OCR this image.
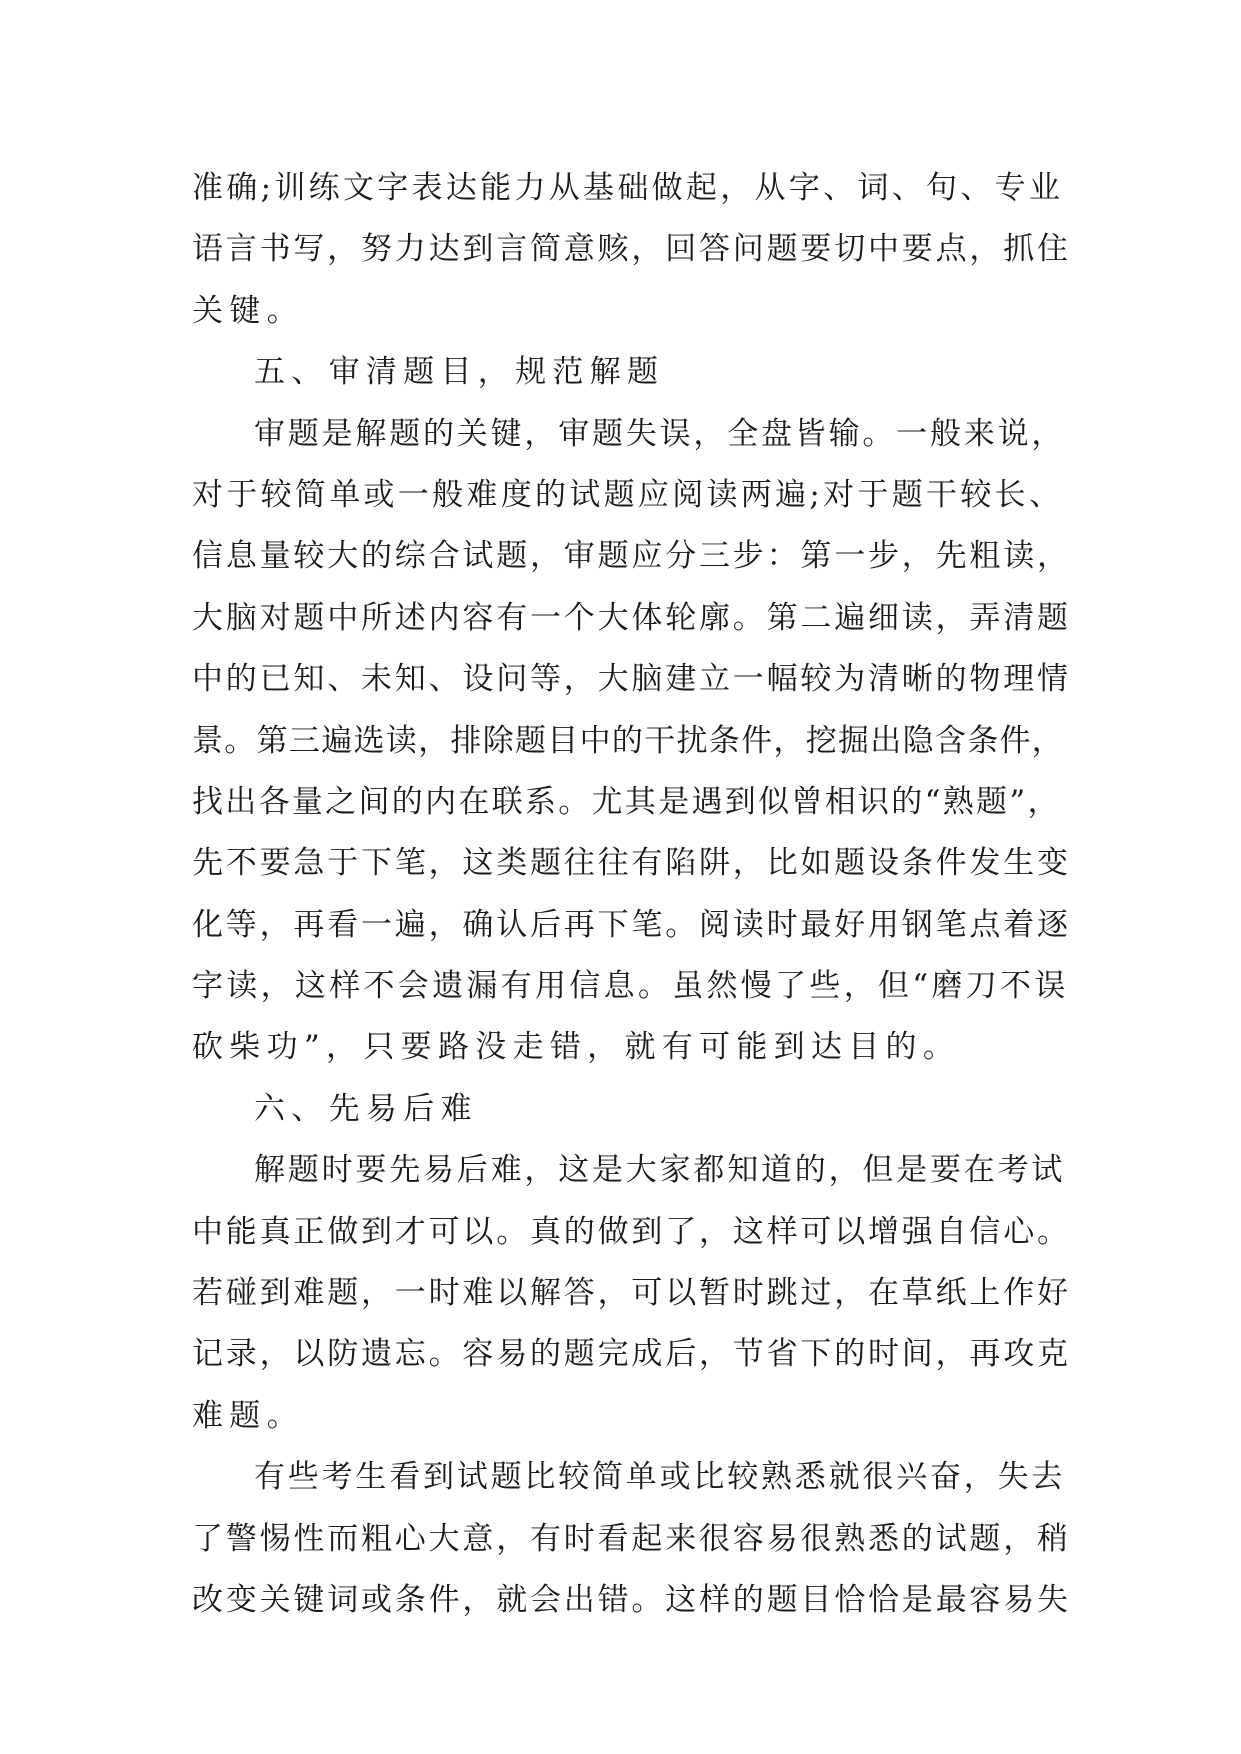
准确;训练文字表达能力从基础做起，从字、词、句、专业
语言书写，努力达到言简意赅，回答问题要切中要点，抓住
关键。
五、审清题目，规范解题
审题是解题的关键，审题失误，全盘皆输。一般来说，
对于较简单或一般难度的试题应阅读两遍;对于题干较长、
信息量较大的综合试题，审题应分三步：第一步，先粗读，
大脑对题中所述内容有一个大体轮廓。第二遍细读，弄清题
中的已知、未知、设问等，大脑建立一幅较为清晰的物理情
景。第三遍选读，排除题目中的干扰条件，挖掘出隐含条件，
找出各量之间的内在联系。尤其是遇到似曾相识的“熟题”，
先不要急于下笔，这类题往往有陷阱，比如题设条件发生变
化等，再看一遍，确认后再下笔。阅读时最好用钢笔点着逐
字读，这样不会遗漏有用信息。虽然慢了些，但“磨刀不误
砍柴功”，只要路没走错，就有可能到达目的。
六、先易后难
解题时要先易后难，这是大家都知道的，但是要在考试
中能真正做到才可以。真的做到了，这样可以增强自信心。
若碰到难题，一时难以解答，可以暂时跳过，在草纸上作好
记录，以防遗忘。容易的题完成后，节省下的时间，再攻克
难题。
有些考生看到试题比较简单或比较熟悉就很兴奋，失去
了警惕性而粗心大意，有时看起来很容易很熟悉的试题，稍
改变关键词或条件，就会出错。这样的题目恰恰是最容易失
